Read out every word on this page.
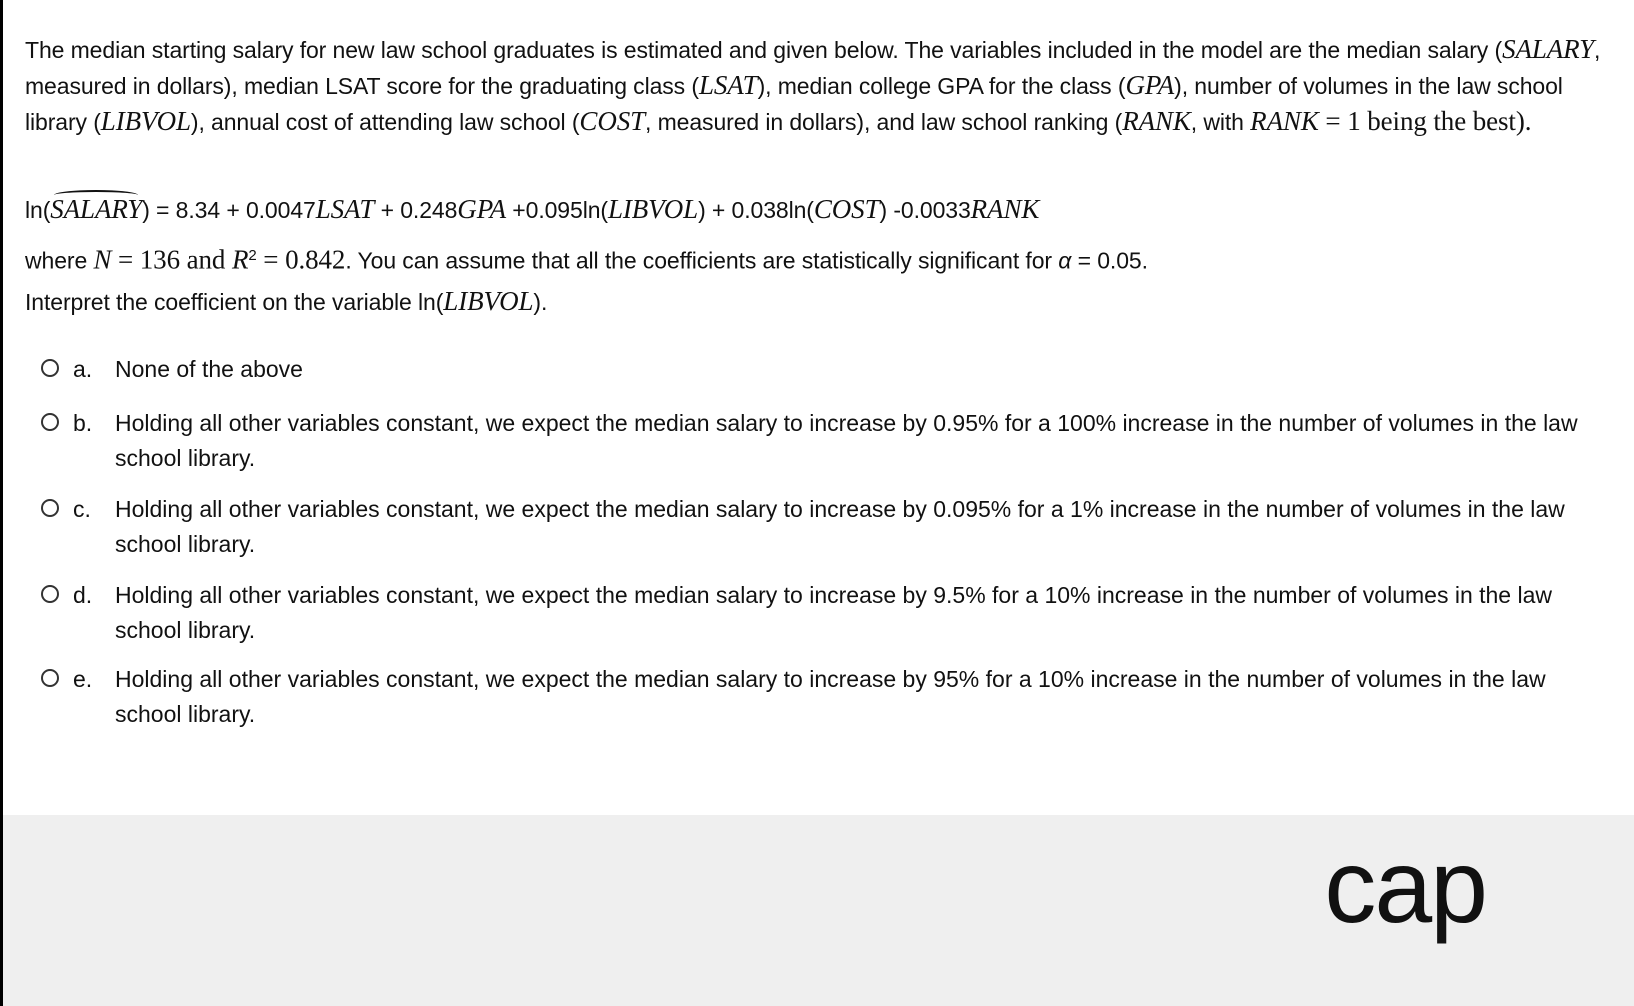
The median starting salary for new law school graduates is estimated and given below. The variables included in the model are the median salary (SALARY, measured in dollars), median LSAT score for the graduating class (LSAT), median college GPA for the class (GPA), number of volumes in the law school library (LIBVOL), annual cost of attending law school (COST, measured in dollars), and law school ranking (RANK, with RANK = 1 being the best).
ln(SALARY) = 8.34 + 0.0047LSAT + 0.248GPA +0.095ln(LIBVOL) + 0.038ln(COST) -0.0033RANK
where N = 136 and $R^2 = 0.842$. You can assume that all the coefficients are statistically significant for α = 0.05.
Interpret the coefficient on the variable ln(LIBVOL).
a. None of the above
b. Holding all other variables constant, we expect the median salary to increase by 0.95% for a 100% increase in the number of volumes in the law school library.
c.	Holding all other variables constant, we expect the median salary to increase by 0.095% for a 1% increase in the number of volumes in the law school library.
d. Holding all other variables constant, we expect the median salary to increase by 9.5% for a 10% increase in the number of volumes in the law school library.
e. Holding all other variables constant, we expect the median salary to increase by 95% for a 10% increase in the number of volumes in the law school library.
cap
